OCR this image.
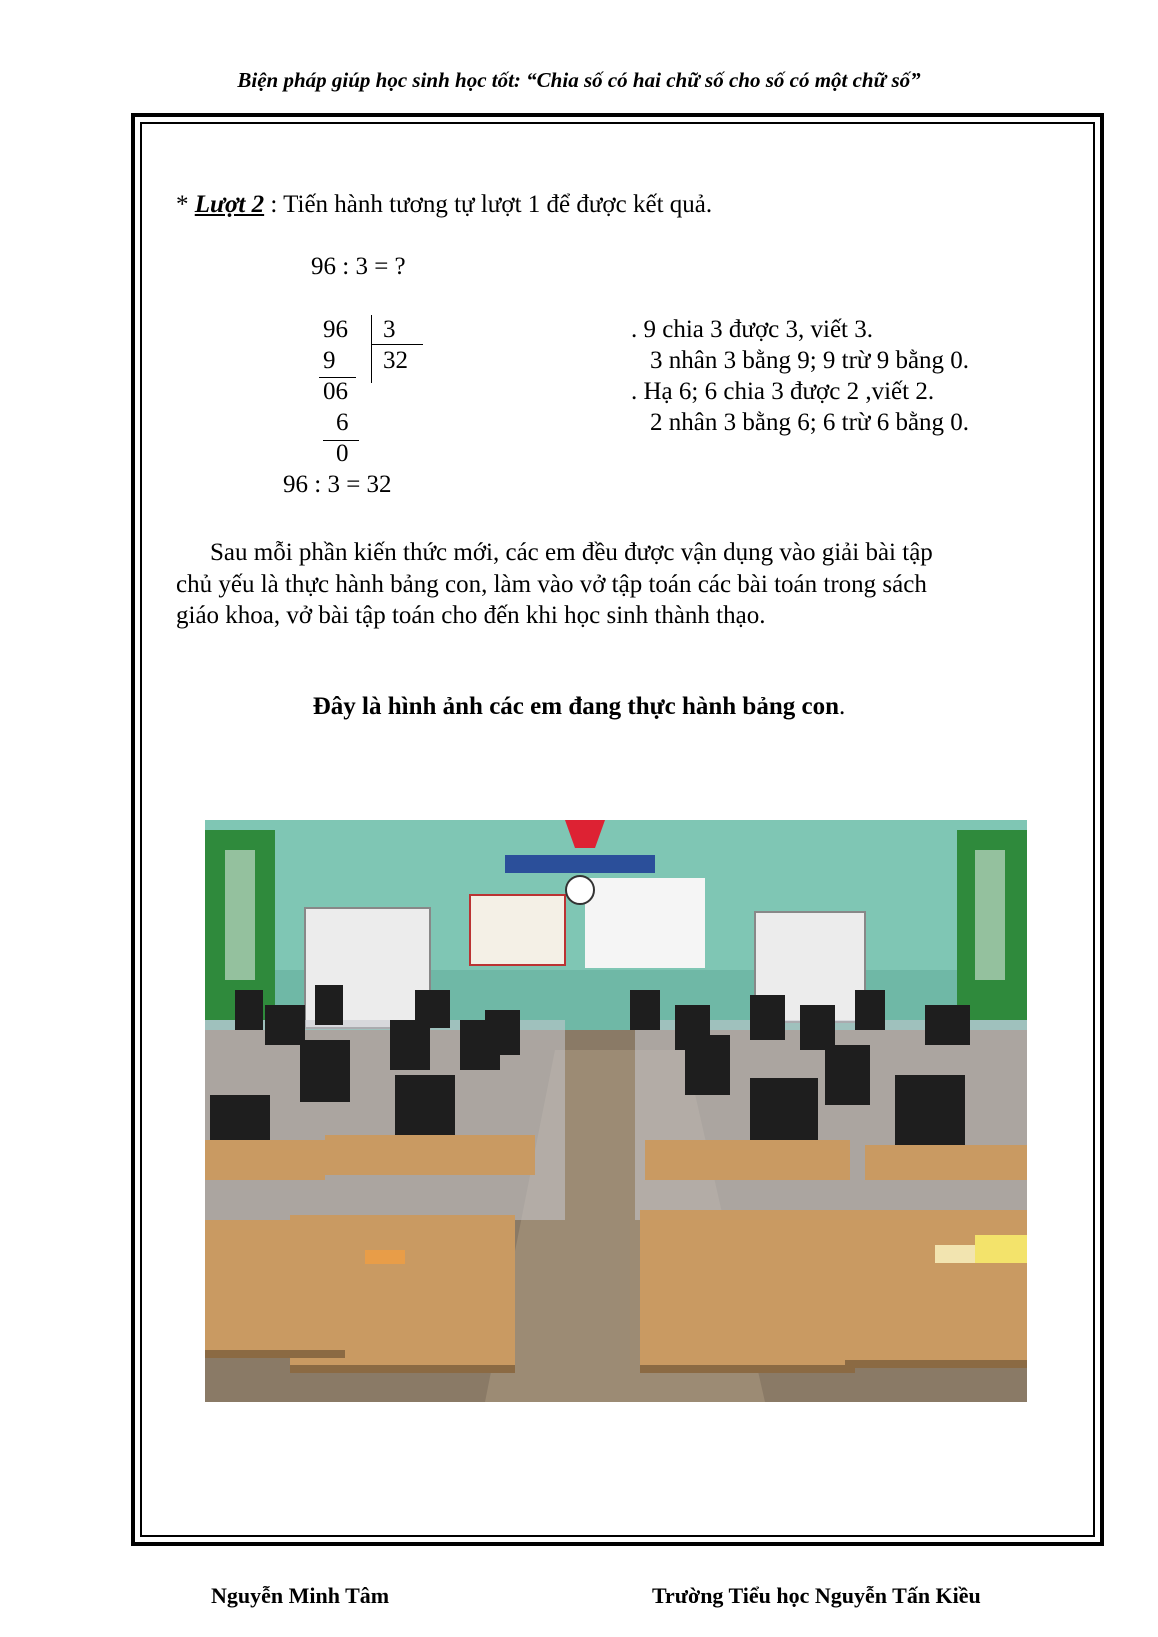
Biện pháp giúp học sinh học tốt: “Chia số có hai chữ số cho số có một chữ số”
* Lượt 2 : Tiến hành tương tự lượt 1 để được kết quả.
96 : 3 = ?
96 3
32
9
06
6
0
96 : 3 = 32
. 9 chia 3 được 3, viết 3.
3 nhân 3 bằng 9; 9 trừ 9 bằng 0.
. Hạ 6; 6 chia 3 được 2 ,viết 2.
2 nhân 3 bằng 6; 6 trừ 6 bằng 0.

Sau mỗi phần kiến thức mới, các em đều được vận dụng vào giải bài tập

chủ yếu là thực hành bảng con, làm vào vở tập toán các bài toán trong sách

giáo khoa, vở bài tập toán cho đến khi học sinh thành thạo.

Đây là hình ảnh các em đang thực hành bảng con.
Nguyễn Minh Tâm	Trường Tiểu học Nguyễn Tấn Kiều
